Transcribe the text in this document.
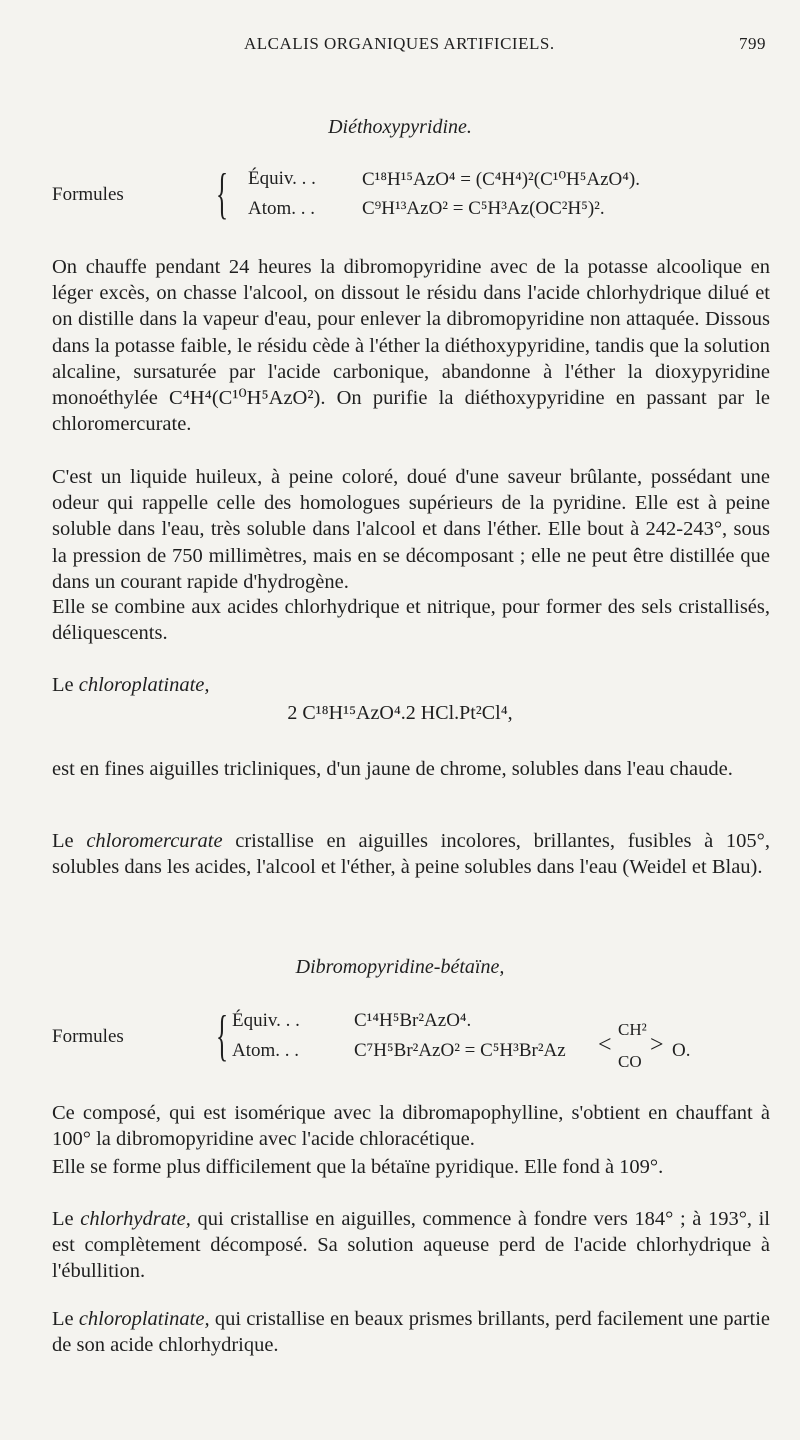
ALCALIS ORGANIQUES ARTIFICIELS.	799
Diéthoxypyridine.
Formules { Équiv. . . C¹⁸H¹⁵AzO⁴ = (C⁴H⁴)²(C¹⁰H⁵AzO⁴).
Atom. . . C⁹H¹³AzO² = C⁵H³Az(OC²H⁵)².
On chauffe pendant 24 heures la dibromopyridine avec de la potasse alcoolique en léger excès, on chasse l'alcool, on dissout le résidu dans l'acide chlorhydrique dilué et on distille dans la vapeur d'eau, pour enlever la dibromopyridine non attaquée. Dissous dans la potasse faible, le résidu cède à l'éther la diéthoxypyridine, tandis que la solution alcaline, sursaturée par l'acide carbonique, abandonne à l'éther la dioxypyridine monoéthylée C⁴H⁴(C¹⁰H⁵AzO²). On purifie la diéthoxypyridine en passant par le chloromercurate.
C'est un liquide huileux, à peine coloré, doué d'une saveur brûlante, possédant une odeur qui rappelle celle des homologues supérieurs de la pyridine. Elle est à peine soluble dans l'eau, très soluble dans l'alcool et dans l'éther. Elle bout à 242-243°, sous la pression de 750 millimètres, mais en se décomposant ; elle ne peut être distillée que dans un courant rapide d'hydrogène.
Elle se combine aux acides chlorhydrique et nitrique, pour former des sels cristallisés, déliquescents.
Le chloroplatinate,
2 C¹⁸H¹⁵AzO⁴.2 HCl.Pt²Cl⁴,
est en fines aiguilles tricliniques, d'un jaune de chrome, solubles dans l'eau chaude.
Le chloromercurate cristallise en aiguilles incolores, brillantes, fusibles à 105°, solubles dans les acides, l'alcool et l'éther, à peine solubles dans l'eau (Weidel et Blau).
Dibromopyridine-bétaïne,
Formules { Équiv. . .	C¹⁴H⁵Br²AzO⁴.
Atom. . .	C⁷H⁵Br²AzO² = C⁵H³Br²Az <
CH²
CO
> O.
Ce composé, qui est isomérique avec la dibromapophylline, s'obtient en chauffant à 100° la dibromopyridine avec l'acide chloracétique.
Elle se forme plus difficilement que la bétaïne pyridique. Elle fond à 109°.
Le chlorhydrate, qui cristallise en aiguilles, commence à fondre vers 184° ; à 193°, il est complètement décomposé. Sa solution aqueuse perd de l'acide chlorhydrique à l'ébullition.
Le chloroplatinate, qui cristallise en beaux prismes brillants, perd facilement une partie de son acide chlorhydrique.
